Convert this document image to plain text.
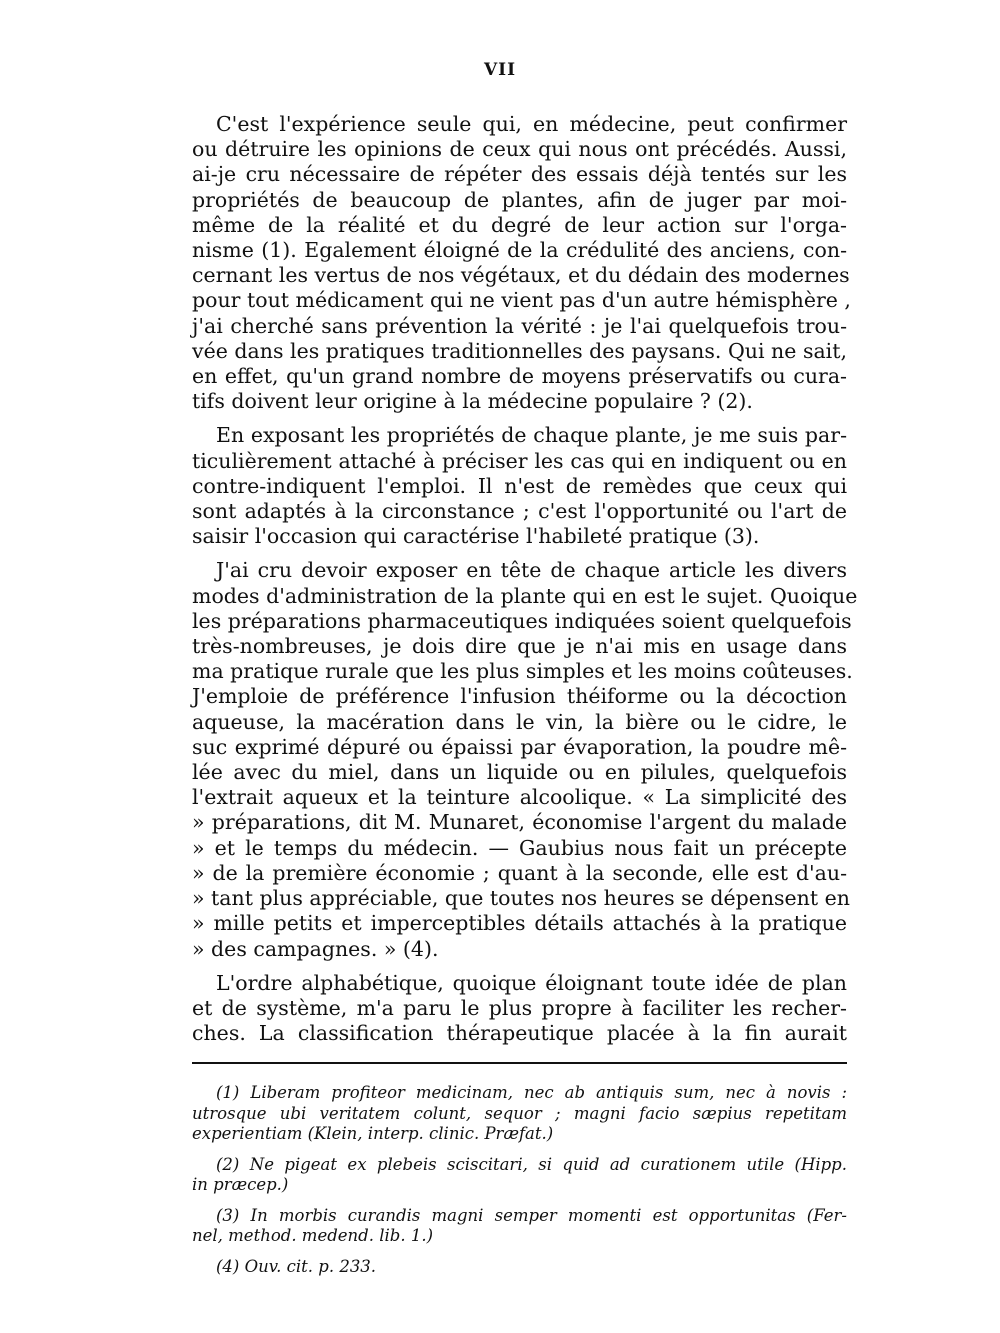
VII
C'est l'expérience seule qui, en médecine, peut confirmer
ou détruire les opinions de ceux qui nous ont précédés. Aussi,
ai-je cru nécessaire de répéter des essais déjà tentés sur les
propriétés de beaucoup de plantes, afin de juger par moi-
même de la réalité et du degré de leur action sur l'orga-
nisme (1). Egalement éloigné de la crédulité des anciens, con-
cernant les vertus de nos végétaux, et du dédain des modernes
pour tout médicament qui ne vient pas d'un autre hémisphère ,
j'ai cherché sans prévention la vérité : je l'ai quelquefois trou-
vée dans les pratiques traditionnelles des paysans. Qui ne sait,
en effet, qu'un grand nombre de moyens préservatifs ou cura-
tifs doivent leur origine à la médecine populaire ? (2).
En exposant les propriétés de chaque plante, je me suis par-
ticulièrement attaché à préciser les cas qui en indiquent ou en
contre-indiquent l'emploi. Il n'est de remèdes que ceux qui
sont adaptés à la circonstance ; c'est l'opportunité ou l'art de
saisir l'occasion qui caractérise l'habileté pratique (3).
J'ai cru devoir exposer en tête de chaque article les divers
modes d'administration de la plante qui en est le sujet. Quoique
les préparations pharmaceutiques indiquées soient quelquefois
très-nombreuses, je dois dire que je n'ai mis en usage dans
ma pratique rurale que les plus simples et les moins coûteuses.
J'emploie de préférence l'infusion théiforme ou la décoction
aqueuse, la macération dans le vin, la bière ou le cidre, le
suc exprimé dépuré ou épaissi par évaporation, la poudre mê-
lée avec du miel, dans un liquide ou en pilules, quelquefois
l'extrait aqueux et la teinture alcoolique. « La simplicité des
» préparations, dit M. Munaret, économise l'argent du malade
» et le temps du médecin. — Gaubius nous fait un précepte
» de la première économie ; quant à la seconde, elle est d'au-
» tant plus appréciable, que toutes nos heures se dépensent en
» mille petits et imperceptibles détails attachés à la pratique
» des campagnes. » (4).
L'ordre alphabétique, quoique éloignant toute idée de plan
et de système, m'a paru le plus propre à faciliter les recher-
ches. La classification thérapeutique placée à la fin aurait
(1) Liberam profiteor medicinam, nec ab antiquis sum, nec à novis :
utrosque ubi veritatem colunt, sequor ; magni facio sæpius repetitam
experientiam (Klein, interp. clinic. Præfat.)
(2) Ne pigeat ex plebeis sciscitari, si quid ad curationem utile (Hipp.
in præcep.)
(3) In morbis curandis magni semper momenti est opportunitas (Fer-
nel, method. medend. lib. 1.)
(4) Ouv. cit. p. 233.
